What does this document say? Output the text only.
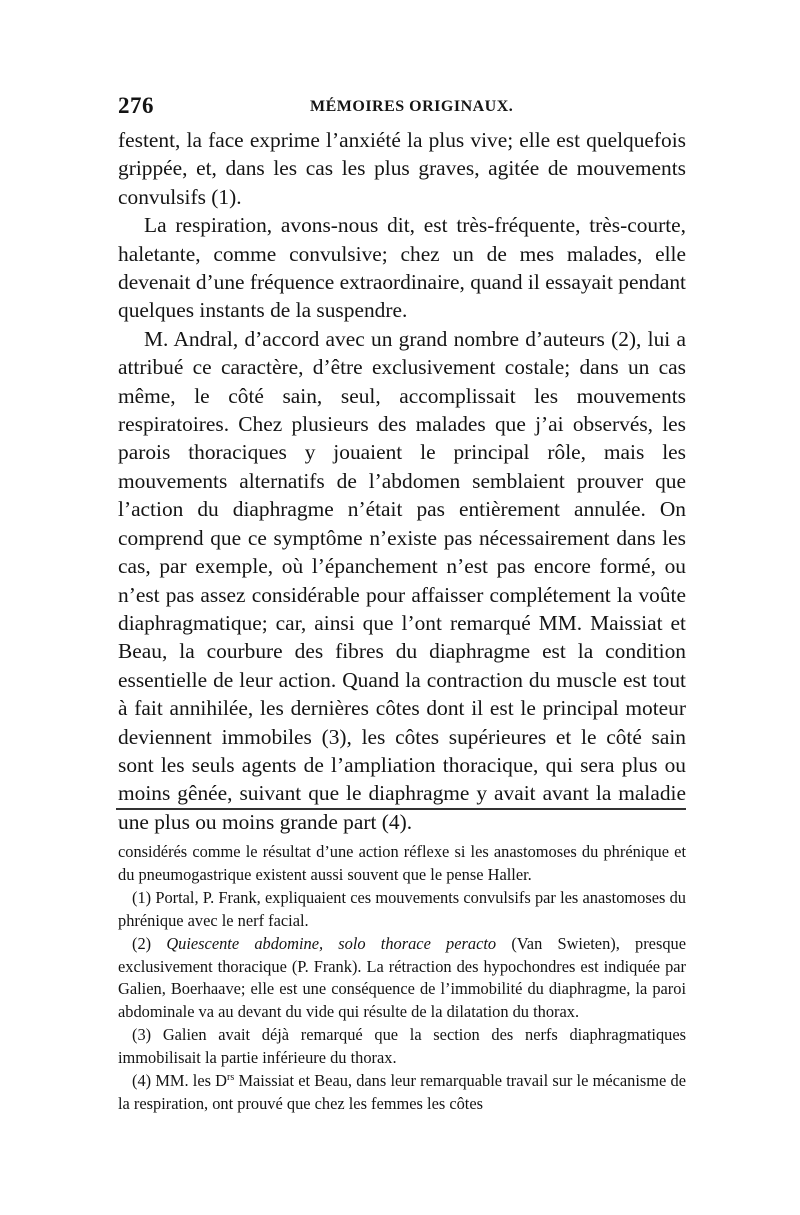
276	MÉMOIRES ORIGINAUX.

festent, la face exprime l’anxiété la plus vive; elle est quelquefois grippée, et, dans les cas les plus graves, agitée de mouvements convulsifs (1).

La respiration, avons-nous dit, est très-fréquente, très-courte, haletante, comme convulsive; chez un de mes malades, elle devenait d’une fréquence extraordinaire, quand il essayait pendant quelques instants de la suspendre.

M. Andral, d’accord avec un grand nombre d’auteurs (2), lui a attribué ce caractère, d’être exclusivement costale; dans un cas même, le côté sain, seul, accomplissait les mouvements respiratoires. Chez plusieurs des malades que j’ai observés, les parois thoraciques y jouaient le principal rôle, mais les mouvements alternatifs de l’abdomen semblaient prouver que l’action du diaphragme n’était pas entièrement annulée. On comprend que ce symptôme n’existe pas nécessairement dans les cas, par exemple, où l’épanchement n’est pas encore formé, ou n’est pas assez considérable pour affaisser complétement la voûte diaphragmatique; car, ainsi que l’ont remarqué MM. Maissiat et Beau, la courbure des fibres du diaphragme est la condition essentielle de leur action. Quand la contraction du muscle est tout à fait annihilée, les dernières côtes dont il est le principal moteur deviennent immobiles (3), les côtes supérieures et le côté sain sont les seuls agents de l’ampliation thoracique, qui sera plus ou moins gênée, suivant que le diaphragme y avait avant la maladie une plus ou moins grande part (4).

considérés comme le résultat d’une action réflexe si les anastomoses du phrénique et du pneumogastrique existent aussi souvent que le pense Haller.

(1) Portal, P. Frank, expliquaient ces mouvements convulsifs par les anastomoses du phrénique avec le nerf facial.

(2) Quiescente abdomine, solo thorace peracto (Van Swieten), presque exclusivement thoracique (P. Frank). La rétraction des hypochondres est indiquée par Galien, Boerhaave; elle est une conséquence de l’immobilité du diaphragme, la paroi abdominale va au devant du vide qui résulte de la dilatation du thorax.

(3) Galien avait déjà remarqué que la section des nerfs diaphragmatiques immobilisait la partie inférieure du thorax.

(4) MM. les $D^{rs}$ Maissiat et Beau, dans leur remarquable travail sur le mécanisme de la respiration, ont prouvé que chez les femmes les côtes
